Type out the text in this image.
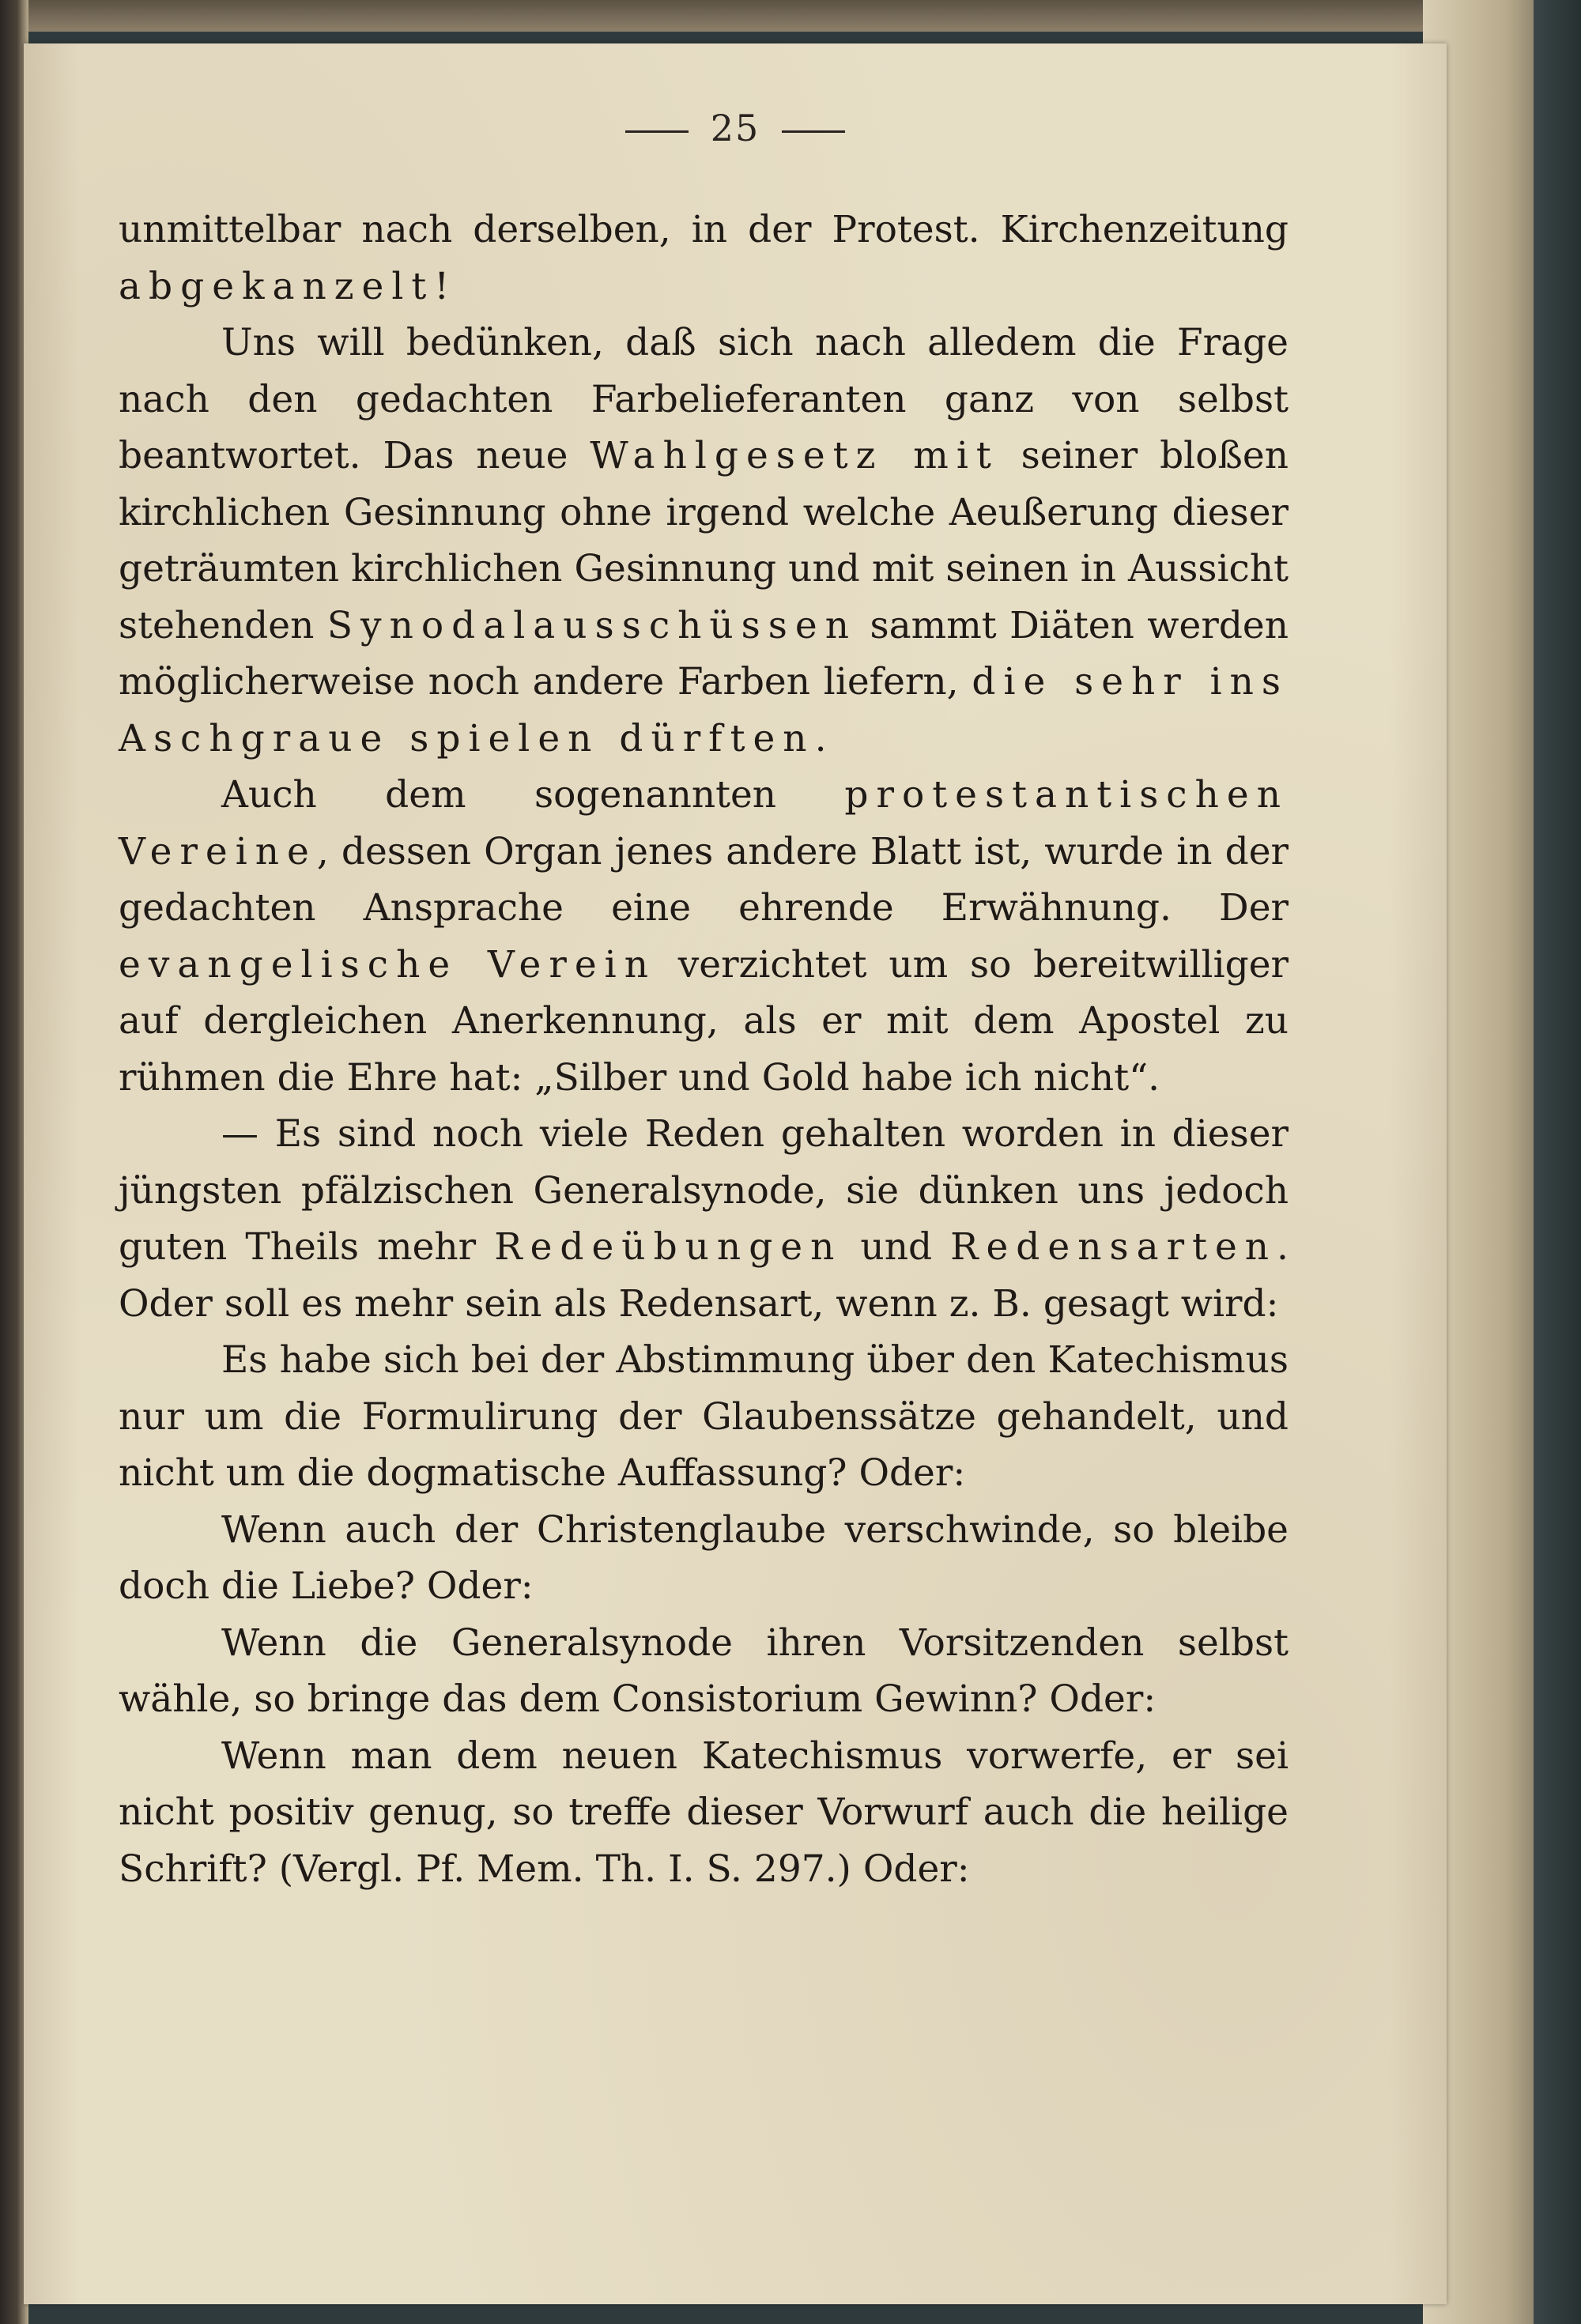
25

unmittelbar nach derselben, in der Protest. Kirchenzeitung abgekanzelt!

Uns will bedünken, daß sich nach alledem die Frage nach den gedachten Farbelieferanten ganz von selbst beantwortet. Das neue Wahlgesetz mit seiner bloßen kirchlichen Gesinnung ohne irgend welche Aeußerung dieser geträumten kirchlichen Gesinnung und mit seinen in Aussicht stehenden Synodalausschüssen sammt Diäten werden möglicherweise noch andere Farben liefern, die sehr ins Aschgraue spielen dürften.

Auch dem sogenannten protestantischen Vereine, dessen Organ jenes andere Blatt ist, wurde in der gedachten Ansprache eine ehrende Erwähnung. Der evangelische Verein verzichtet um so bereitwilliger auf dergleichen Anerkennung, als er mit dem Apostel zu rühmen die Ehre hat: „Silber und Gold habe ich nicht“.

— Es sind noch viele Reden gehalten worden in dieser jüngsten pfälzischen Generalsynode, sie dünken uns jedoch guten Theils mehr Redeübungen und Redensarten. Oder soll es mehr sein als Redensart, wenn z. B. gesagt wird:

Es habe sich bei der Abstimmung über den Katechismus nur um die Formulirung der Glaubenssätze gehandelt, und nicht um die dogmatische Auffassung? Oder:

Wenn auch der Christenglaube verschwinde, so bleibe doch die Liebe? Oder:

Wenn die Generalsynode ihren Vorsitzenden selbst wähle, so bringe das dem Consistorium Gewinn? Oder:

Wenn man dem neuen Katechismus vorwerfe, er sei nicht positiv genug, so treffe dieser Vorwurf auch die heilige Schrift? (Vergl. Pf. Mem. Th. I. S. 297.) Oder:
